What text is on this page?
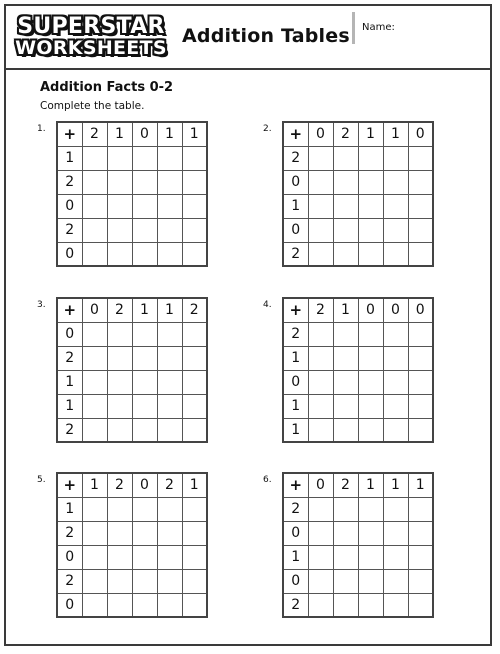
SUPERSTAR
WORKSHEETS
Addition Tables Name:
Addition Facts 0-2
Complete the table.
1. +	2	1	0	1	1
1					
2					
0					
2					
0					
2. +	0	2	1	1	0
2					
0					
1					
0					
2					
3. +	0	2	1	1	2
0					
2					
1					
1					
2					
4. +	2	1	0	0	0
2					
1					
0					
1					
1					
5. +	1	2	0	2	1
1					
2					
0					
2					
0					
6. +	0	2	1	1	1
2					
0					
1					
0					
2					
